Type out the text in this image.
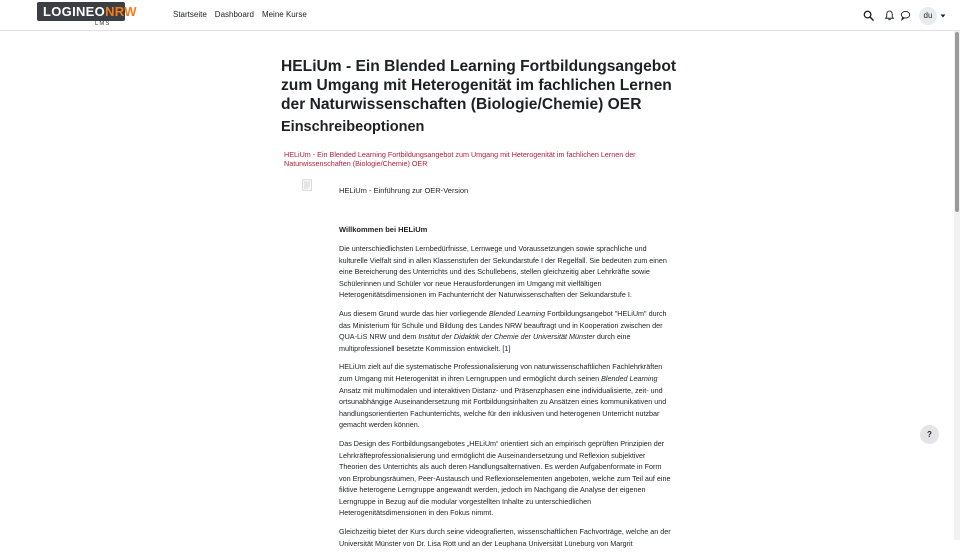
LOGINEONRW
LMS
Startseite Dashboard Meine Kurse	du
HELiUm - Ein Blended Learning Fortbildungsangebot zum Umgang mit Heterogenität im fachlichen Lernen der Naturwissenschaften (Biologie/Chemie) OER
Einschreibeoptionen
HELiUm - Ein Blended Learning Fortbildungsangebot zum Umgang mit Heterogenität im fachlichen Lernen der Naturwissenschaften (Biologie/Chemie) OER
HELiUm - Einführung zur OER-Version
Willkommen bei HELiUm

Die unterschiedlichsten Lernbedürfnisse, Lernwege und Voraussetzungen sowie sprachliche und kulturelle Vielfalt sind in allen Klassenstufen der Sekundarstufe I der Regelfall. Sie bedeuten zum einen eine Bereicherung des Unterrichts und des Schullebens, stellen gleichzeitig aber Lehrkräfte sowie Schülerinnen und Schüler vor neue Herausforderungen im Umgang mit vielfältigen Heterogenitätsdimensionen im Fachunterricht der Naturwissenschaften der Sekundarstufe I.

Aus diesem Grund wurde das hier vorliegende Blended Learning Fortbildungsangebot "HELiUm" durch das Ministerium für Schule und Bildung des Landes NRW beauftragt und in Kooperation zwischen der QUA-LiS NRW und dem Institut der Didaktik der Chemie der Universität Münster durch eine multiprofessionell besetzte Kommission entwickelt. [1]

HELiUm zielt auf die systematische Professionalisierung von naturwissenschaftlichen Fachlehrkräften zum Umgang mit Heterogenität in ihren Lerngruppen und ermöglicht durch seinen Blended Learning Ansatz mit multimodalen und interaktiven Distanz- und Präsenzphasen eine individualisierte, zeit- und ortsunabhängige Auseinandersetzung mit Fortbildungsinhalten zu Ansätzen eines kommunikativen und handlungsorientierten Fachunterrichts, welche für den inklusiven und heterogenen Unterricht nutzbar gemacht werden können.

Das Design des Fortbildungsangebotes „HELiUm“ orientiert sich an empirisch geprüften Prinzipien der Lehrkräfteprofessionalisierung und ermöglicht die Auseinandersetzung und Reflexion subjektiver Theorien des Unterrichts als auch deren Handlungsalternativen. Es werden Aufgabenformate in Form von Erprobungsräumen, Peer-Austausch und Reflexionselementen angeboten, welche zum Teil auf eine fiktive heterogene Lerngruppe angewandt werden, jedoch im Nachgang die Analyse der eigenen Lerngruppe in Bezug auf die modular vorgestellten Inhalte zu unterschiedlichen Heterogenitätsdimensionen in den Fokus nimmt.

Gleichzeitig bietet der Kurs durch seine videografierten, wissenschaftlichen Fachvorträge, welche an der Universität Münster von Dr. Lisa Rott und an der Leuphana Universität Lüneburg von Margrit

?
